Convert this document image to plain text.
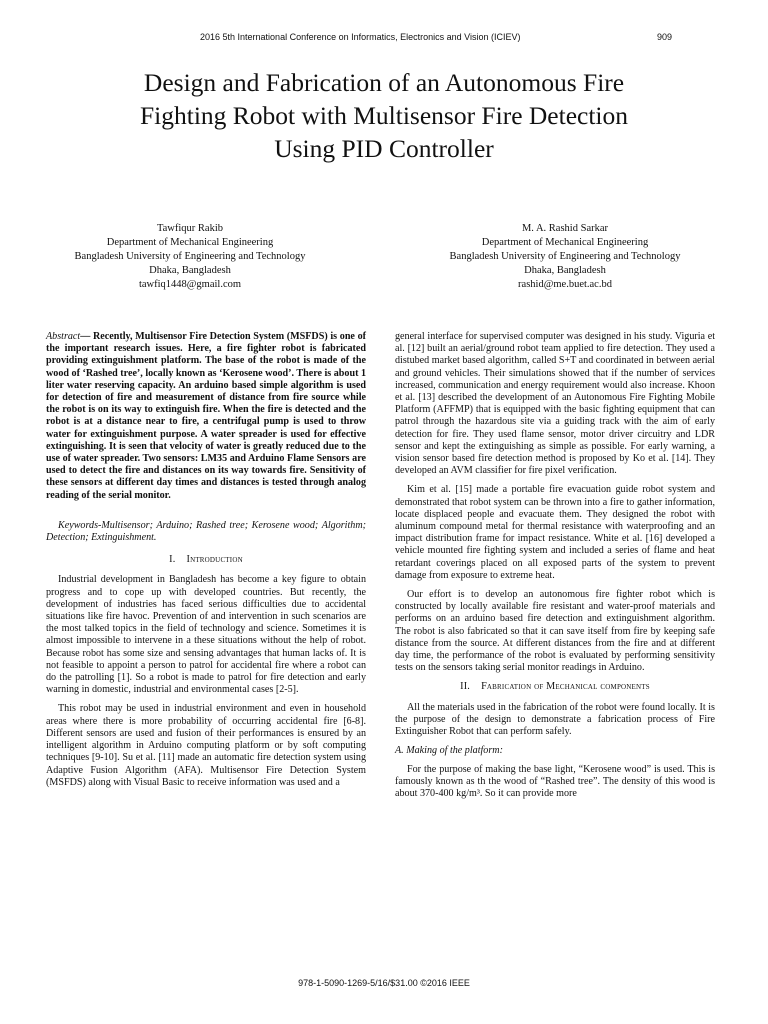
2016 5th International Conference on Informatics, Electronics and Vision (ICIEV)	909
Design and Fabrication of an Autonomous Fire
Fighting Robot with Multisensor Fire Detection
Using PID Controller
Tawfiqur Rakib
Department of Mechanical Engineering
Bangladesh University of Engineering and Technology
Dhaka, Bangladesh
tawfiq1448@gmail.com
M. A. Rashid Sarkar
Department of Mechanical Engineering
Bangladesh University of Engineering and Technology
Dhaka, Bangladesh
rashid@me.buet.ac.bd

Abstract— Recently, Multisensor Fire Detection System (MSFDS) is one of the important research issues. Here, a fire fighter robot is fabricated providing extinguishment platform. The base of the robot is made of the wood of ‘Rashed tree’, locally known as ‘Kerosene wood’. There is about 1 liter water reserving capacity. An arduino based simple algorithm is used for detection of fire and measurement of distance from fire source while the robot is on its way to extinguish fire. When the fire is detected and the robot is at a distance near to fire, a centrifugal pump is used to throw water for extinguishment purpose. A water spreader is used for effective extinguishing. It is seen that velocity of water is greatly reduced due to the use of water spreader. Two sensors: LM35 and Arduino Flame Sensors are used to detect the fire and distances on its way towards fire. Sensitivity of these sensors at different day times and distances is tested through analog reading of the serial monitor.

Keywords-Multisensor; Arduino; Rashed tree; Kerosene wood; Algorithm; Detection; Extinguishment.

I. Introduction

Industrial development in Bangladesh has become a key figure to obtain progress and to cope up with developed countries. But recently, the development of industries has faced serious difficulties due to accidental situations like fire havoc. Prevention of and intervention in such scenarios are the most talked topics in the field of technology and science. Sometimes it is almost impossible to intervene in a these situations without the help of robot. Because robot has some size and sensing advantages that human lacks of. It is not feasible to appoint a person to patrol for accidental fire where a robot can do the patrolling [1]. So a robot is made to patrol for fire detection and early warning in domestic, industrial and environmental cases [2-5].

This robot may be used in industrial environment and even in household areas where there is more probability of occurring accidental fire [6-8]. Different sensors are used and fusion of their performances is ensured by an intelligent algorithm in Arduino computing platform or by soft computing techniques [9-10]. Su et al. [11] made an automatic fire detection system using Adaptive Fusion Algorithm (AFA). Multisensor Fire Detection System (MSFDS) along with Visual Basic to receive information was used and a

general interface for supervised computer was designed in his study. Viguria et al. [12] built an aerial/ground robot team applied to fire detection. They used a distubed market based algorithm, called S+T and coordinated in between aerial and ground vehicles. Their simulations showed that if the number of services increased, communication and energy requirement would also increase. Khoon et al. [13] described the development of an Autonomous Fire Fighting Mobile Platform (AFFMP) that is equipped with the basic fighting equipment that can patrol through the hazardous site via a guiding track with the aim of early detection for fire. They used flame sensor, motor driver circuitry and LDR sensor and kept the extinguishing as simple as possible. For early warning, a vision sensor based fire detection method is proposed by Ko et al. [14]. They developed an AVM classifier for fire pixel verification.

Kim et al. [15] made a portable fire evacuation guide robot system and demonstrated that robot system can be thrown into a fire to gather information, locate displaced people and evacuate them. They designed the robot with aluminum compound metal for thermal resistance with waterproofing and an impact distribution frame for impact resistance. White et al. [16] developed a vehicle mounted fire fighting system and included a series of flame and heat retardant coverings placed on all exposed parts of the system to prevent damage from exposure to extreme heat.

Our effort is to develop an autonomous fire fighter robot which is constructed by locally available fire resistant and water-proof materials and performs on an arduino based fire detection and extinguishment algorithm. The robot is also fabricated so that it can save itself from fire by keeping safe distance from the source. At different distances from the fire and at different day time, the performance of the robot is evaluated by performing sensitivity tests on the sensors taking serial monitor readings in Arduino.

II. Fabrication of Mechanical components

All the materials used in the fabrication of the robot were found locally. It is the purpose of the design to demonstrate a fabrication process of Fire Extinguisher Robot that can perform safely.

A. Making of the platform:

For the purpose of making the base light, “Kerosene wood” is used. This is famously known as th the wood of “Rashed tree”. The density of this wood is about 370-400 kg/m³. So it can provide more

978-1-5090-1269-5/16/$31.00 ©2016 IEEE
